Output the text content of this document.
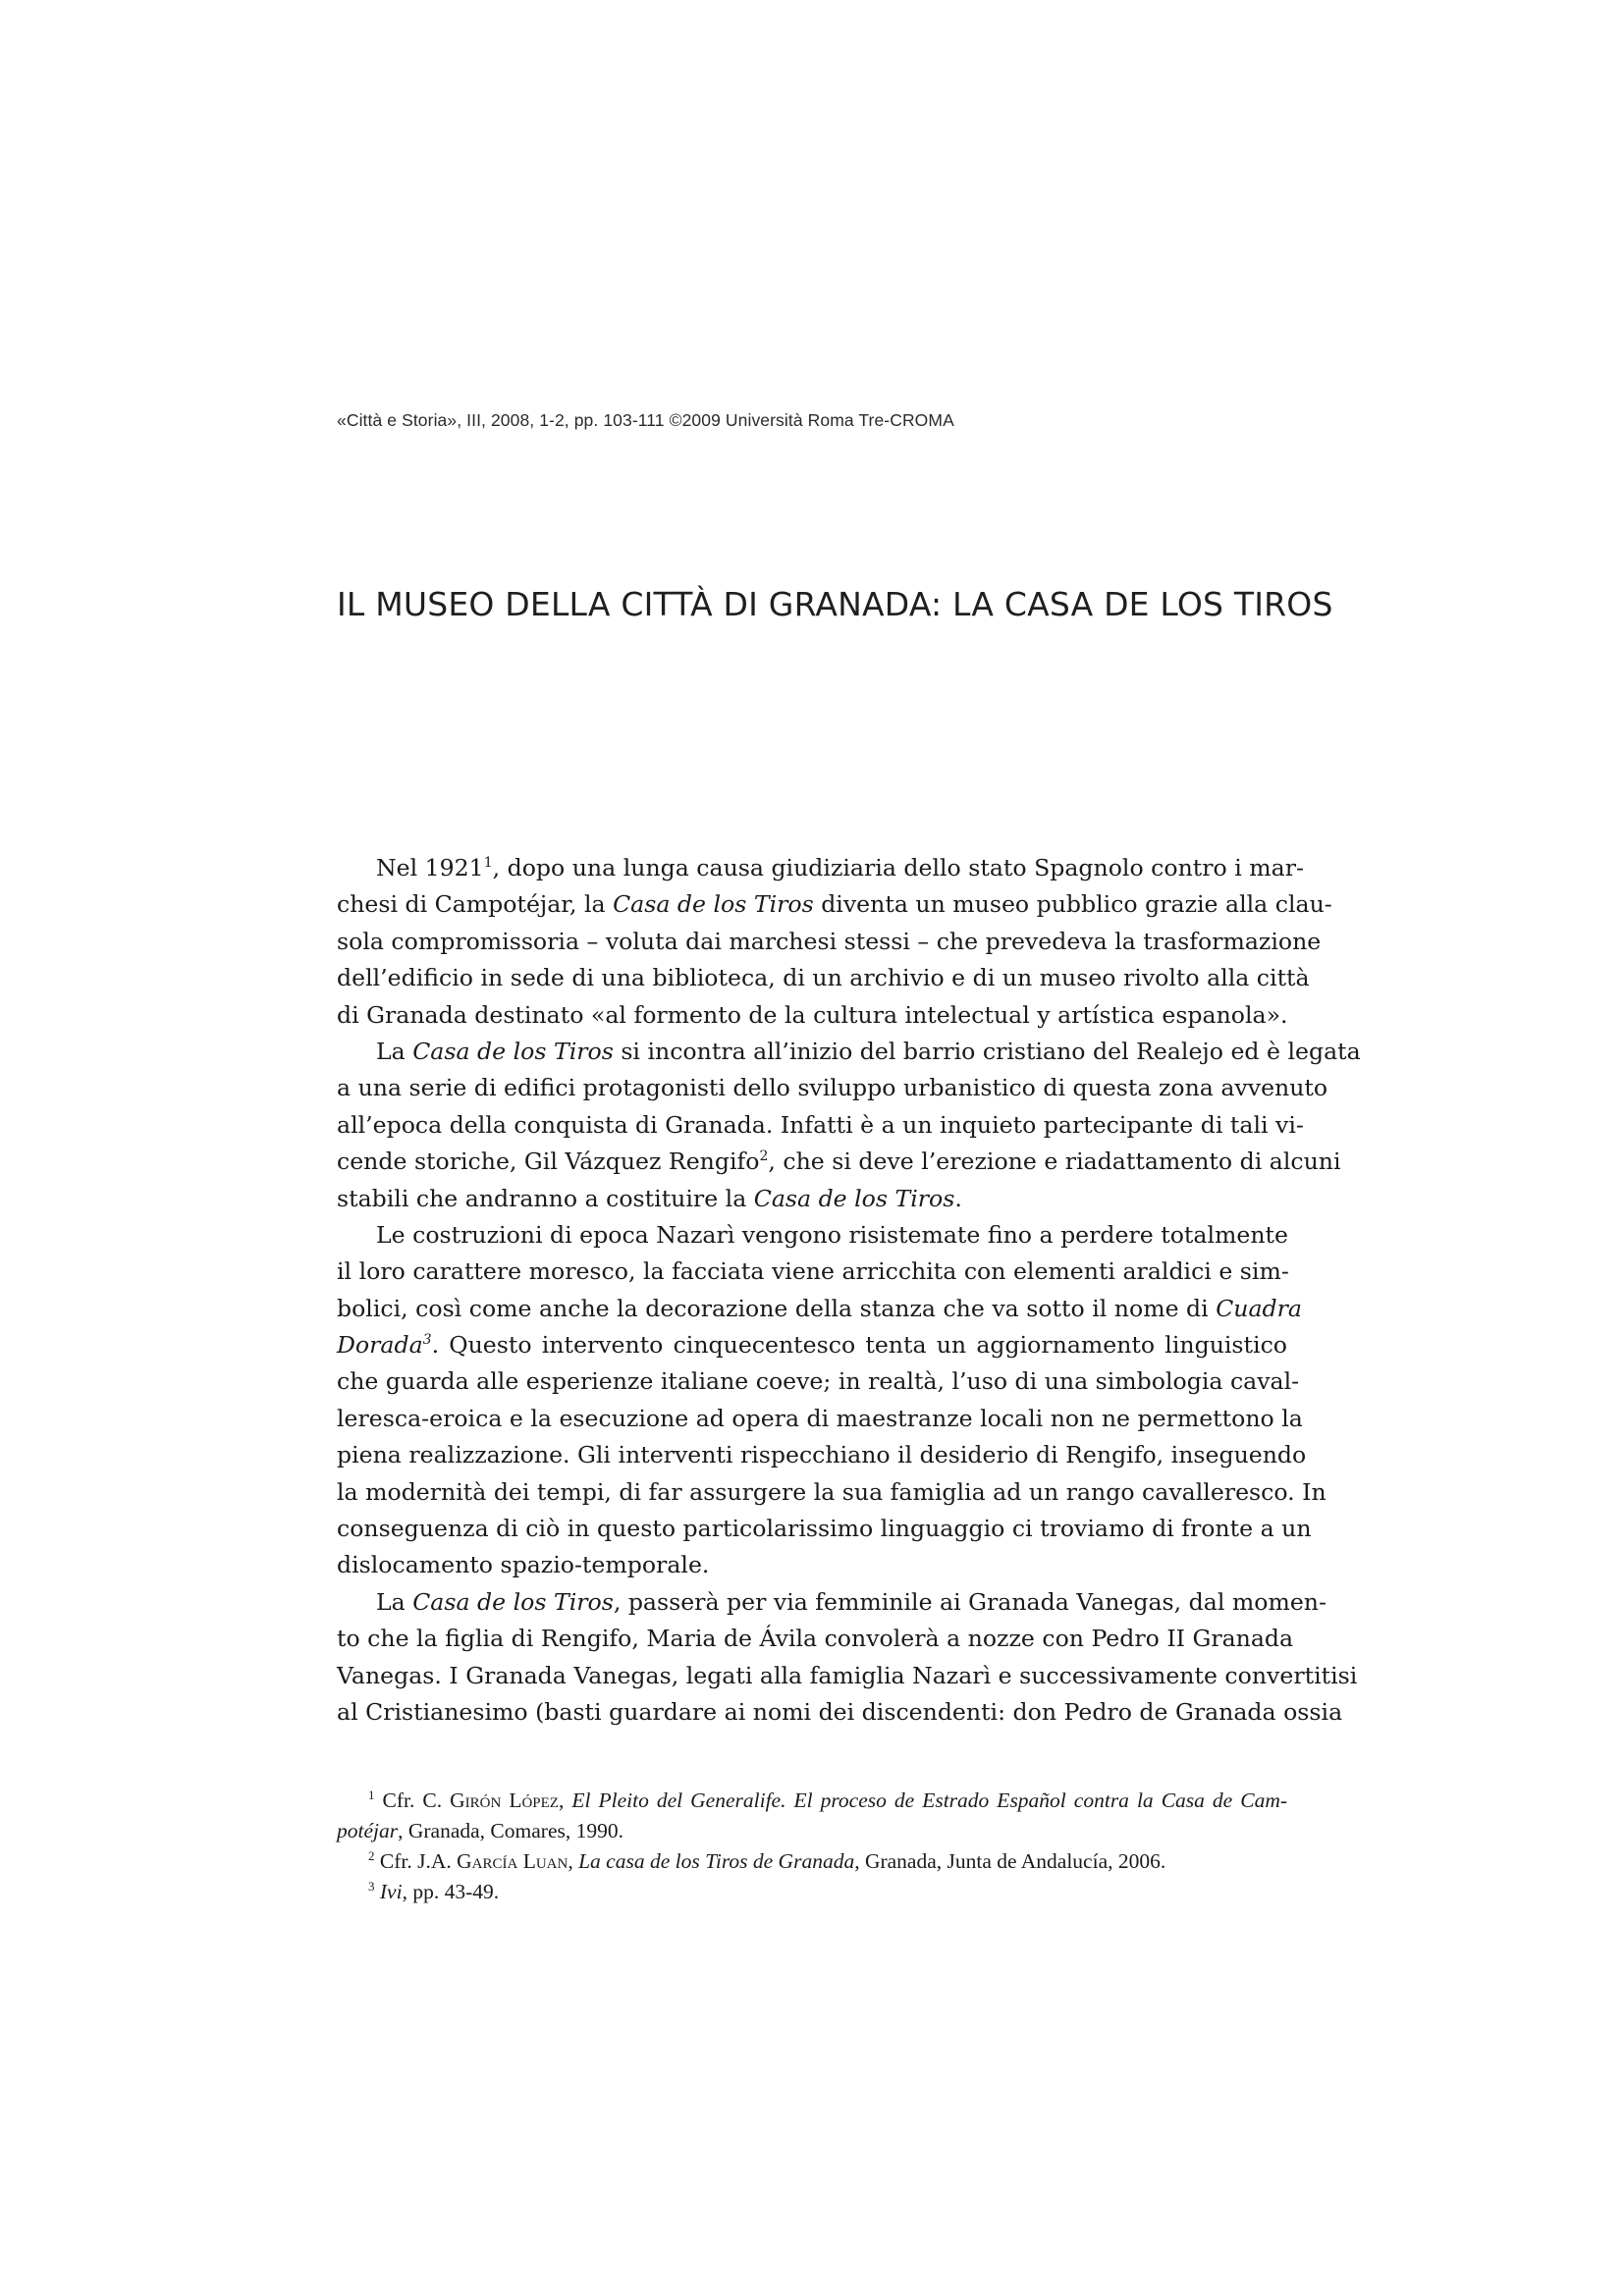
«Città e Storia», III, 2008, 1-2, pp. 103-111 ©2009 Università Roma Tre-CROMA
IL MUSEO DELLA CITTÀ DI GRANADA: LA CASA DE LOS TIROS
Nel 1921$^1$, dopo una lunga causa giudiziaria dello stato Spagnolo contro i mar-
chesi di Campotéjar, la Casa de los Tiros diventa un museo pubblico grazie alla clau-
sola compromissoria – voluta dai marchesi stessi – che prevedeva la trasformazione
dell’edificio in sede di una biblioteca, di un archivio e di un museo rivolto alla città
di Granada destinato «al formento de la cultura intelectual y artística espanola».
La Casa de los Tiros si incontra all’inizio del barrio cristiano del Realejo ed è legata
a una serie di edifici protagonisti dello sviluppo urbanistico di questa zona avvenuto
all’epoca della conquista di Granada. Infatti è a un inquieto partecipante di tali vi-
cende storiche, Gil Vázquez Rengifo$^2$, che si deve l’erezione e riadattamento di alcuni
stabili che andranno a costituire la Casa de los Tiros.
Le costruzioni di epoca Nazarì vengono risistemate fino a perdere totalmente
il loro carattere moresco, la facciata viene arricchita con elementi araldici e sim-
bolici, così come anche la decorazione della stanza che va sotto il nome di Cuadra
Dorada$^3$. Questo intervento cinquecentesco tenta un aggiornamento linguistico
che guarda alle esperienze italiane coeve; in realtà, l’uso di una simbologia caval-
leresca-eroica e la esecuzione ad opera di maestranze locali non ne permettono la
piena realizzazione. Gli interventi rispecchiano il desiderio di Rengifo, inseguendo
la modernità dei tempi, di far assurgere la sua famiglia ad un rango cavalleresco. In
conseguenza di ciò in questo particolarissimo linguaggio ci troviamo di fronte a un
dislocamento spazio-temporale.
La Casa de los Tiros, passerà per via femminile ai Granada Vanegas, dal momen-
to che la figlia di Rengifo, Maria de Ávila convolerà a nozze con Pedro II Granada
Vanegas. I Granada Vanegas, legati alla famiglia Nazarì e successivamente convertitisi
al Cristianesimo (basti guardare ai nomi dei discendenti: don Pedro de Granada ossia
$^1$ Cfr. C. Girón López, El Pleito del Generalife. El proceso de Estrado Español contra la Casa de Cam-
potéjar, Granada, Comares, 1990.
$^2$ Cfr. J.A. García Luan, La casa de los Tiros de Granada, Granada, Junta de Andalucía, 2006.
$^3$ Ivi, pp. 43-49.
